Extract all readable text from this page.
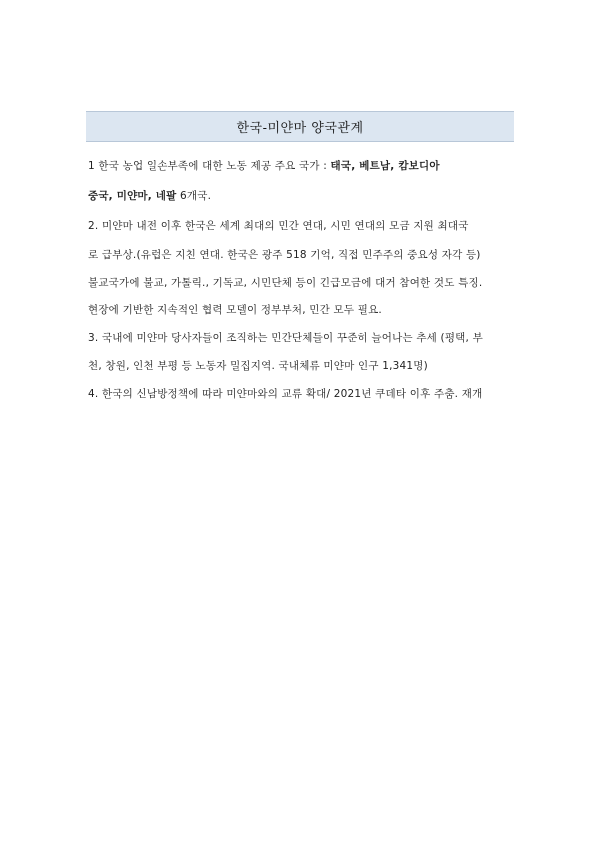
한국-미얀마 양국관계
1 한국 농업 일손부족에 대한 노동 제공 주요 국가 : 태국, 베트남, 캄보디아
중국, 미얀마, 네팔 6개국.
2. 미얀마 내전 이후 한국은 세계 최대의 민간 연대, 시민 연대의 모금 지원 최대국
로 급부상.(유럽은 지친 연대. 한국은 광주 518 기억, 직접 민주주의 중요성 자각 등)
불교국가에 불교, 가톨릭., 기독교, 시민단체 등이 긴급모금에 대거 참여한 것도 특징.
현장에 기반한 지속적인 협력 모델이 정부부처, 민간 모두 필요.
3. 국내에 미얀마 당사자들이 조직하는 민간단체들이 꾸준히 늘어나는 추세 (평택, 부
천, 창원, 인천 부평 등 노동자 밀집지역. 국내체류 미얀마 인구 1,341명)
4. 한국의 신남방정책에 따라 미얀마와의 교류 확대/ 2021년 쿠데타 이후 주춤. 재개
